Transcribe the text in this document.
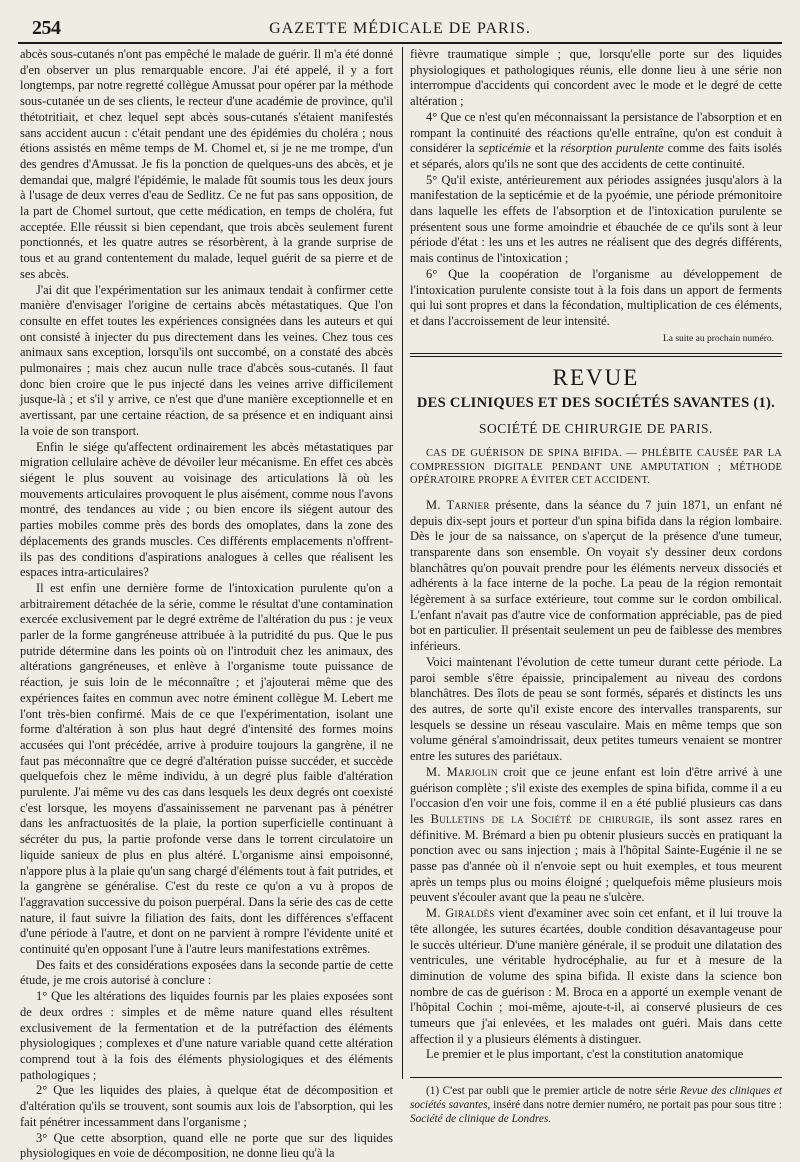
254	GAZETTE MÉDICALE DE PARIS.

abcès sous-cutanés n'ont pas empêché le malade de guérir. Il m'a été donné d'en observer un plus remarquable encore. J'ai été appelé, il y a fort longtemps, par notre regretté collègue Amussat pour opérer par la méthode sous-cutanée un de ses clients, le recteur d'une académie de province, qu'il thétotritiait, et chez lequel sept abcès sous-cutanés s'étaient manifestés sans accident aucun : c'était pendant une des épidémies du choléra ; nous étions assistés en même temps de M. Chomel et, si je ne me trompe, d'un des gendres d'Amussat. Je fis la ponction de quelques-uns des abcès, et je demandai que, malgré l'épidémie, le malade fût soumis tous les deux jours à l'usage de deux verres d'eau de Sedlitz. Ce ne fut pas sans opposition, de la part de Chomel surtout, que cette médication, en temps de choléra, fut acceptée. Elle réussit si bien cependant, que trois abcès seulement furent ponctionnés, et les quatre autres se résorbèrent, à la grande surprise de tous et au grand contentement du malade, lequel guérit de sa pierre et de ses abcès.

J'ai dit que l'expérimentation sur les animaux tendait à confirmer cette manière d'envisager l'origine de certains abcès métastatiques. Que l'on consulte en effet toutes les expériences consignées dans les auteurs et qui ont consisté à injecter du pus directement dans les veines. Chez tous ces animaux sans exception, lorsqu'ils ont succombé, on a constaté des abcès pulmonaires ; mais chez aucun nulle trace d'abcès sous-cutanés. Il faut donc bien croire que le pus injecté dans les veines arrive difficilement jusque-là ; et s'il y arrive, ce n'est que d'une manière exceptionnelle et en avertissant, par une certaine réaction, de sa présence et en indiquant ainsi la voie de son transport.

Enfin le siége qu'affectent ordinairement les abcès métastatiques par migration cellulaire achève de dévoiler leur mécanisme. En effet ces abcès siégent le plus souvent au voisinage des articulations là où les mouvements articulaires provoquent le plus aisément, comme nous l'avons montré, des tendances au vide ; ou bien encore ils siégent autour des parties mobiles comme près des bords des omoplates, dans la zone des déplacements des grands muscles. Ces différents emplacements n'offrent-ils pas des conditions d'aspirations analogues à celles que réalisent les espaces intra-articulaires?

Il est enfin une dernière forme de l'intoxication purulente qu'on a arbitrairement détachée de la série, comme le résultat d'une contamination exercée exclusivement par le degré extrême de l'altération du pus : je veux parler de la forme gangréneuse attribuée à la putridité du pus. Que le pus putride détermine dans les points où on l'introduit chez les animaux, des altérations gangréneuses, et enlève à l'organisme toute puissance de réaction, je suis loin de le méconnaître ; et j'ajouterai même que des expériences faites en commun avec notre éminent collègue M. Lebert me l'ont très-bien confirmé. Mais de ce que l'expérimentation, isolant une forme d'altération à son plus haut degré d'intensité des formes moins accusées qui l'ont précédée, arrive à produire toujours la gangrène, il ne faut pas méconnaître que ce degré d'altération puisse succéder, et succède quelquefois chez le même individu, à un degré plus faible d'altération purulente. J'ai même vu des cas dans lesquels les deux degrés ont coexisté c'est lorsque, les moyens d'assainissement ne parvenant pas à pénétrer dans les anfractuosités de la plaie, la portion superficielle continuant à sécréter du pus, la partie profonde verse dans le torrent circulatoire un liquide sanieux de plus en plus altéré. L'organisme ainsi empoisonné, n'appore plus à la plaie qu'un sang chargé d'éléments tout à fait putrides, et la gangrène se généralise. C'est du reste ce qu'on a vu à propos de l'aggravation successive du poison puerpéral. Dans la série des cas de cette nature, il faut suivre la filiation des faits, dont les différences s'effacent d'une période à l'autre, et dont on ne parvient à rompre l'évidente unité et continuité qu'en opposant l'une à l'autre leurs manifestations extrêmes.

Des faits et des considérations exposées dans la seconde partie de cette étude, je me crois autorisé à conclure :

1° Que les altérations des liquides fournis par les plaies exposées sont de deux ordres : simples et de même nature quand elles résultent exclusivement de la fermentation et de la putréfaction des éléments physiologiques ; complexes et d'une nature variable quand cette altération comprend tout à la fois des éléments physiologiques et des éléments pathologiques ;

2° Que les liquides des plaies, à quelque état de décomposition et d'altération qu'ils se trouvent, sont soumis aux lois de l'absorption, qui les fait pénétrer incessamment dans l'organisme ;

3° Que cette absorption, quand elle ne porte que sur des liquides physiologiques en voie de décomposition, ne donne lieu qu'à la

fièvre traumatique simple ; que, lorsqu'elle porte sur des liquides physiologiques et pathologiques réunis, elle donne lieu à une série non interrompue d'accidents qui concordent avec le mode et le degré de cette altération ;

4° Que ce n'est qu'en méconnaissant la persistance de l'absorption et en rompant la continuité des réactions qu'elle entraîne, qu'on est conduit à considérer la septicémie et la résorption purulente comme des faits isolés et séparés, alors qu'ils ne sont que des accidents de cette continuité.

5° Qu'il existe, antérieurement aux périodes assignées jusqu'alors à la manifestation de la septicémie et de la pyoémie, une période prémonitoire dans laquelle les effets de l'absorption et de l'intoxication purulente se présentent sous une forme amoindrie et ébauchée de ce qu'ils sont à leur période d'état : les uns et les autres ne réalisent que des degrés différents, mais continus de l'intoxication ;

6° Que la coopération de l'organisme au développement de l'intoxication purulente consiste tout à la fois dans un apport de ferments qui lui sont propres et dans la fécondation, multiplication de ces éléments, et dans l'accroissement de leur intensité.

La suite au prochain numéro.

REVUE
DES CLINIQUES ET DES SOCIÉTÉS SAVANTES (1).
SOCIÉTÉ DE CHIRURGIE DE PARIS.

CAS DE GUÉRISON DE SPINA BIFIDA. — PHLÉBITE CAUSÉE PAR LA COMPRESSION DIGITALE PENDANT UNE AMPUTATION ; MÉTHODE OPÉRATOIRE PROPRE A ÉVITER CET ACCIDENT.

M. Tarnier présente, dans la séance du 7 juin 1871, un enfant né depuis dix-sept jours et porteur d'un spina bifida dans la région lombaire. Dès le jour de sa naissance, on s'aperçut de la présence d'une tumeur, transparente dans son ensemble. On voyait s'y dessiner deux cordons blanchâtres qu'on pouvait prendre pour les éléments nerveux dissociés et adhérents à la face interne de la poche. La peau de la région remontait légèrement à sa surface extérieure, tout comme sur le cordon ombilical. L'enfant n'avait pas d'autre vice de conformation appréciable, pas de pied bot en particulier. Il présentait seulement un peu de faiblesse des membres inférieurs.

Voici maintenant l'évolution de cette tumeur durant cette période. La paroi semble s'être épaissie, principalement au niveau des cordons blanchâtres. Des îlots de peau se sont formés, séparés et distincts les uns des autres, de sorte qu'il existe encore des intervalles transparents, sur lesquels se dessine un réseau vasculaire. Mais en même temps que son volume général s'amoindrissait, deux petites tumeurs venaient se montrer entre les sutures des pariétaux.

M. Marjolin croit que ce jeune enfant est loin d'être arrivé à une guérison complète ; s'il existe des exemples de spina bifida, comme il a eu l'occasion d'en voir une fois, comme il en a été publié plusieurs cas dans les Bulletins de la Société de chirurgie, ils sont assez rares en définitive. M. Brémard a bien pu obtenir plusieurs succès en pratiquant la ponction avec ou sans injection ; mais à l'hôpital Sainte-Eugénie il ne se passe pas d'année où il n'envoie sept ou huit exemples, et tous meurent après un temps plus ou moins éloigné ; quelquefois même plusieurs mois peuvent s'écouler avant que la peau ne s'ulcère.

M. Giraldès vient d'examiner avec soin cet enfant, et il lui trouve la tête allongée, les sutures écartées, double condition désavantageuse pour le succès ultérieur. D'une manière générale, il se produit une dilatation des ventricules, une véritable hydrocéphalie, au fur et à mesure de la diminution de volume des spina bifida. Il existe dans la science bon nombre de cas de guérison : M. Broca en a apporté un exemple venant de l'hôpital Cochin ; moi-même, ajoute-t-il, ai conservé plusieurs de ces tumeurs que j'ai enlevées, et les malades ont guéri. Mais dans cette affection il y a plusieurs éléments à distinguer.

Le premier et le plus important, c'est la constitution anatomique

(1) C'est par oubli que le premier article de notre série Revue des cliniques et sociétés savantes, inséré dans notre dernier numéro, ne portait pas pour sous titre : Société de clinique de Londres.
